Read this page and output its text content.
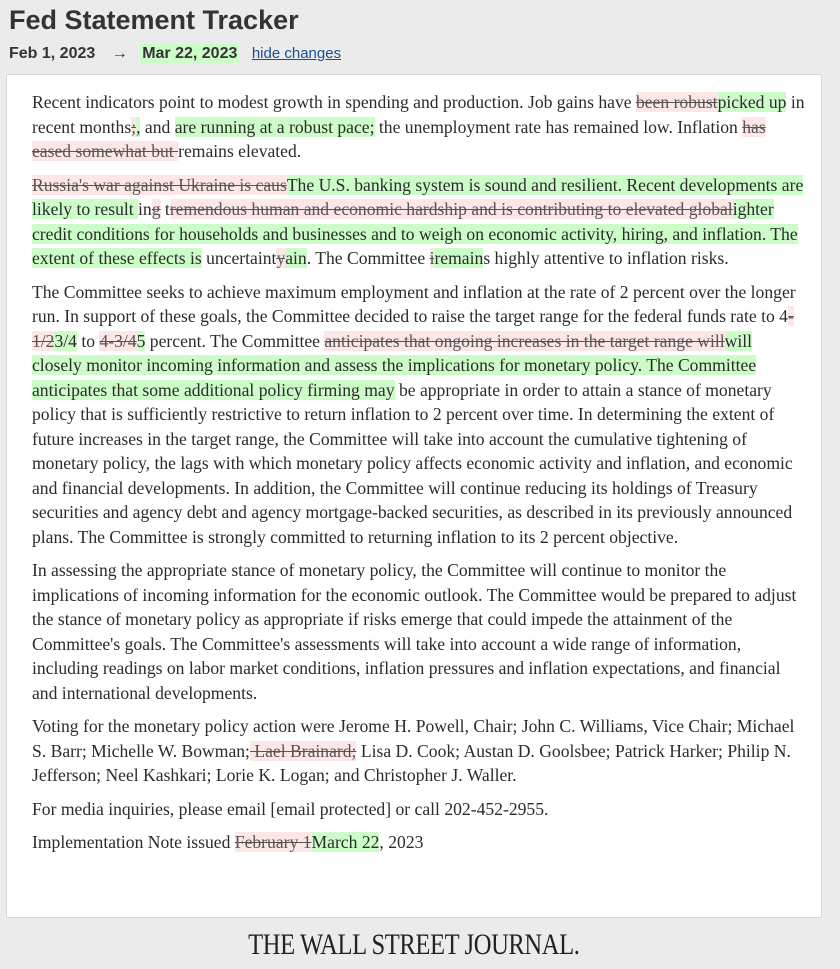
Fed Statement Tracker
Feb 1, 2023 → Mar 22, 2023 hide changes

Recent indicators point to modest growth in spending and production. Job gains have been robustpicked up in recent months;, and are running at a robust pace; the unemployment rate has remained low. Inflation has eased somewhat but remains elevated.

Russia's war against Ukraine is causThe U.S. banking system is sound and resilient. Recent developments are likely to result ing tremendous human and economic hardship and is contributing to elevated globalighter credit conditions for households and businesses and to weigh on economic activity, hiring, and inflation. The extent of these effects is uncertaintyain. The Committee iremains highly attentive to inflation risks.

The Committee seeks to achieve maximum employment and inflation at the rate of 2 percent over the longer run. In support of these goals, the Committee decided to raise the target range for the federal funds rate to 4-1/23/4 to 4-3/45 percent. The Committee anticipates that ongoing increases in the target range willwill closely monitor incoming information and assess the implications for monetary policy. The Committee anticipates that some additional policy firming may be appropriate in order to attain a stance of monetary policy that is sufficiently restrictive to return inflation to 2 percent over time. In determining the extent of future increases in the target range, the Committee will take into account the cumulative tightening of monetary policy, the lags with which monetary policy affects economic activity and inflation, and economic and financial developments. In addition, the Committee will continue reducing its holdings of Treasury securities and agency debt and agency mortgage-backed securities, as described in its previously announced plans. The Committee is strongly committed to returning inflation to its 2 percent objective.

In assessing the appropriate stance of monetary policy, the Committee will continue to monitor the implications of incoming information for the economic outlook. The Committee would be prepared to adjust the stance of monetary policy as appropriate if risks emerge that could impede the attainment of the Committee's goals. The Committee's assessments will take into account a wide range of information, including readings on labor market conditions, inflation pressures and inflation expectations, and financial and international developments.

Voting for the monetary policy action were Jerome H. Powell, Chair; John C. Williams, Vice Chair; Michael S. Barr; Michelle W. Bowman; Lael Brainard; Lisa D. Cook; Austan D. Goolsbee; Patrick Harker; Philip N. Jefferson; Neel Kashkari; Lorie K. Logan; and Christopher J. Waller.

For media inquiries, please email [email protected] or call 202-452-2955.

Implementation Note issued February 1March 22, 2023

THE WALL STREET JOURNAL.
